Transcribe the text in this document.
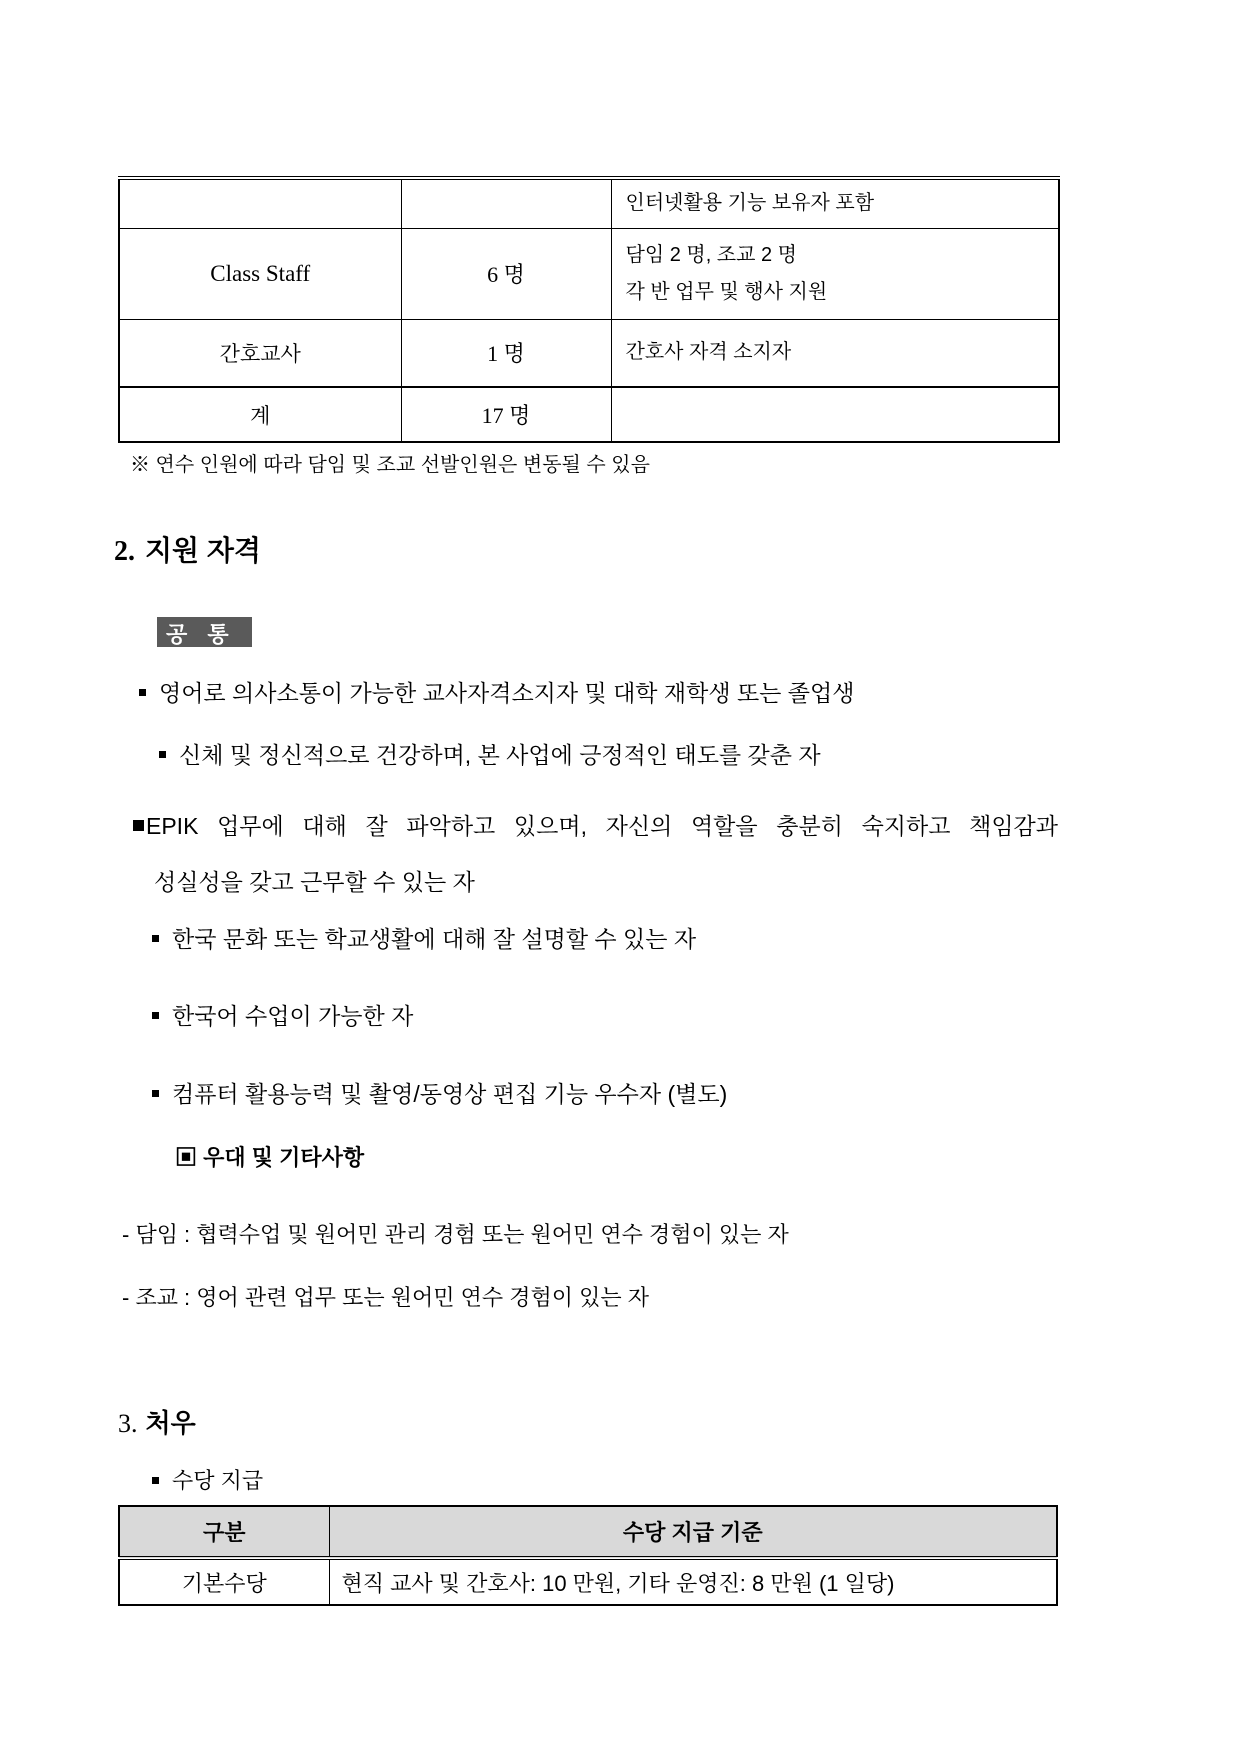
		인터넷활용 기능 보유자 포함

Class Staff	6 명	담임 2 명, 조교 2 명
각 반 업무 및 행사 지원

간호교사	1 명	간호사 자격 소지자

계	17 명	
※ 연수 인원에 따라 담임 및 조교 선발인원은 변동될 수 있음
2. 지원 자격
공 통
영어로 의사소통이 가능한 교사자격소지자 및 대학 재학생 또는 졸업생
신체 및 정신적으로 건강하며, 본 사업에 긍정적인 태도를 갖춘 자
EPIK 업무에 대해 잘 파악하고 있으며, 자신의 역할을 충분히 숙지하고 책임감과
성실성을 갖고 근무할 수 있는 자
한국 문화 또는 학교생활에 대해 잘 설명할 수 있는 자
한국어 수업이 가능한 자
컴퓨터 활용능력 및 촬영/동영상 편집 기능 우수자 (별도)
▣ 우대 및 기타사항
- 담임 : 협력수업 및 원어민 관리 경험 또는 원어민 연수 경험이 있는 자
- 조교 : 영어 관련 업무 또는 원어민 연수 경험이 있는 자
3. 처우
수당 지급
구분	수당 지급 기준
기본수당	현직 교사 및 간호사: 10 만원, 기타 운영진: 8 만원 (1 일당)
